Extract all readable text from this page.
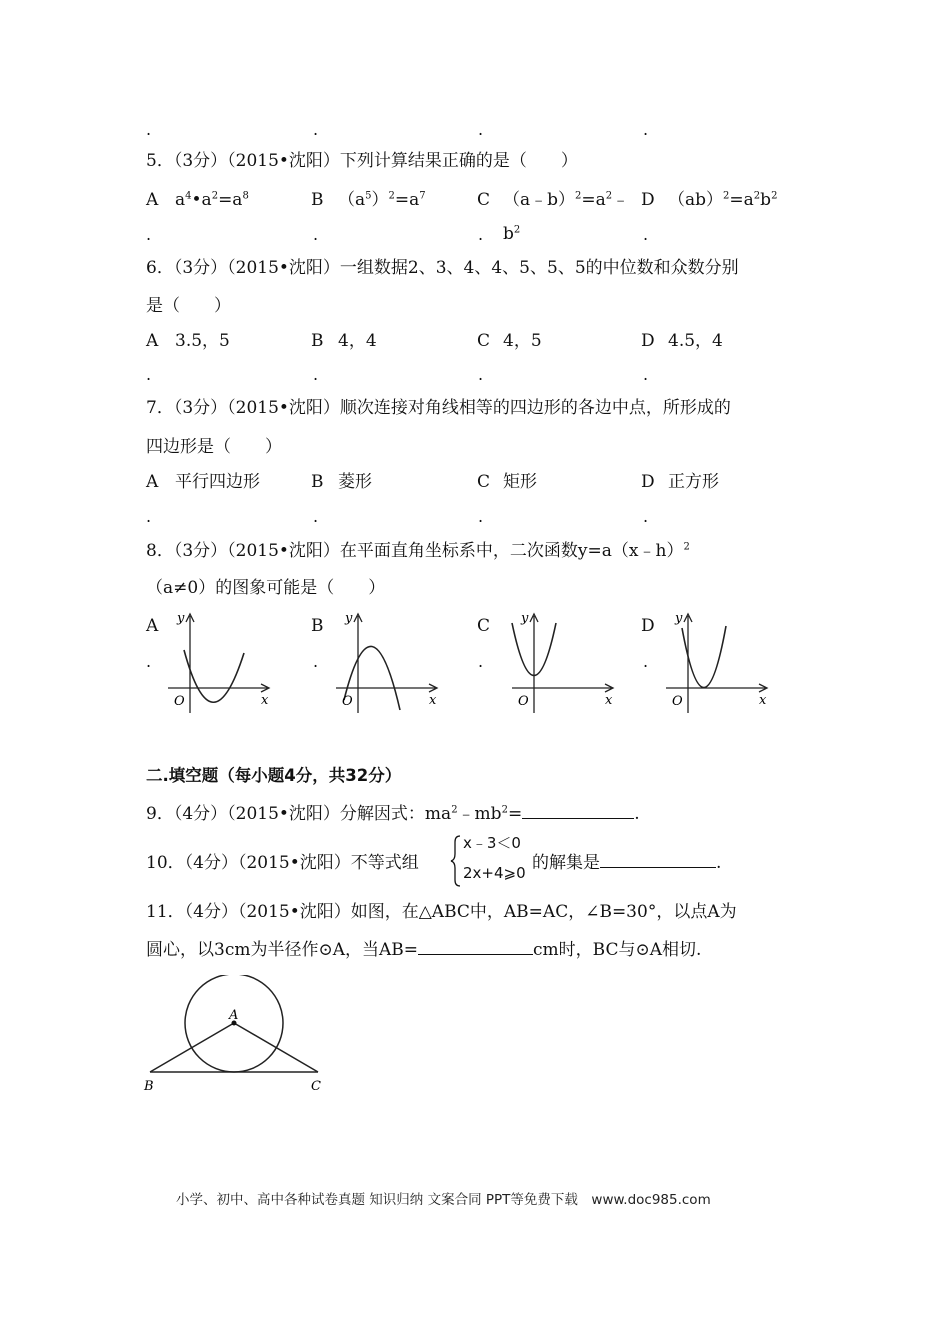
.	.	.	.
5．（3分）（2015•沈阳）下列计算结果正确的是（　　）
A $a^4•a^2=a^8$	B $(a^5)^2=a^7$	C $(a﹣b)^2=a^2﹣$
$b^2$
D $(ab)^2=a^2b^2$
.	.	.	.
6．（3分）（2015•沈阳）一组数据2、3、4、4、5、5、5的中位数和众数分别
是（　　）
A 3.5，5	B 4，4	C 4，5	D 4.5，4
.	.	.	.
7．（3分）（2015•沈阳）顺次连接对角线相等的四边形的各边中点，所形成的
四边形是（　　）
A 平行四边形	B 菱形	C 矩形	D 正方形
.	.	.	.
8．（3分）（2015•沈阳）在平面直角坐标系中，二次函数y=a（x﹣h）$^2$
（a≠0）的图象可能是（　　）
A	B	C	D
.	.	.	.
y
x
O
y
x
O
y
x
O
y
x
O
二.填空题（每小题4分，共32分）
9．（4分）（2015•沈阳）分解因式：$ma^2﹣mb^2=$	.
10．（4分）（2015•沈阳）不等式组
x﹣3＜0
2x+4⩾0 的解集是	.
11．（4分）（2015•沈阳）如图，在△ABC中，AB=AC，∠B=30°，以点A为
圆心，以3cm为半径作⊙A，当AB=	cm时，BC与⊙A相切.
A
B	C
小学、初中、高中各种试卷真题 知识归纳 文案合同 PPT等免费下载　www.doc985.com
